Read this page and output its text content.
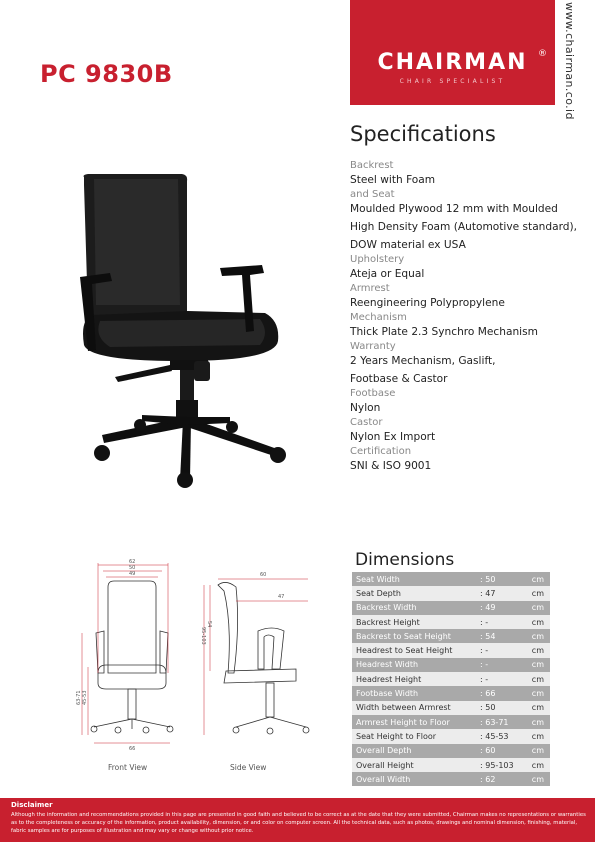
PC 9830B	CHAIRMAN	®
CHAIR SPECIALIST	www.chairman.co.id
Specifications
Backrest
Steel with Foam
and Seat
Moulded Plywood 12 mm with Moulded
High Density Foam (Automotive standard),
DOW material ex USA
Upholstery
Ateja or Equal
Armrest
Reengineering Polypropylene
Mechanism
Thick Plate 2.3 Synchro Mechanism
Warranty
2 Years Mechanism, Gaslift,
Footbase & Castor
Footbase
Nylon
Castor
Nylon Ex Import
Certification
SNI & ISO 9001
62
50
49
66
63-71 45-53
60
47
95-103
54
Front View	Side View
Dimensions
Seat Width	: 50	cm
Seat Depth	: 47	cm
Backrest Width	: 49	cm
Backrest Height	: -	cm
Backrest to Seat Height	: 54	cm
Headrest to Seat Height	: -	cm
Headrest Width	: -	cm
Headrest Height	: -	cm
Footbase Width	: 66	cm
Width between Armrest	: 50	cm
Armrest Height to Floor	: 63-71	cm
Seat Height to Floor	: 45-53	cm
Overall Depth	: 60	cm
Overall Height	: 95-103	cm
Overall Width	: 62	cm
Disclaimer
Although the information and recommendations provided in this page are presented in good faith and believed to be correct as at the date that they were submitted, Chairman makes no representations or warranties as to the completeness or accuracy of the information, product availability, dimension, or and color on computer screen. All the technical data, such as photos, drawings and nominal dimension, finishing, material, fabric samples are for purposes of illustration and may vary or change without prior notice.
